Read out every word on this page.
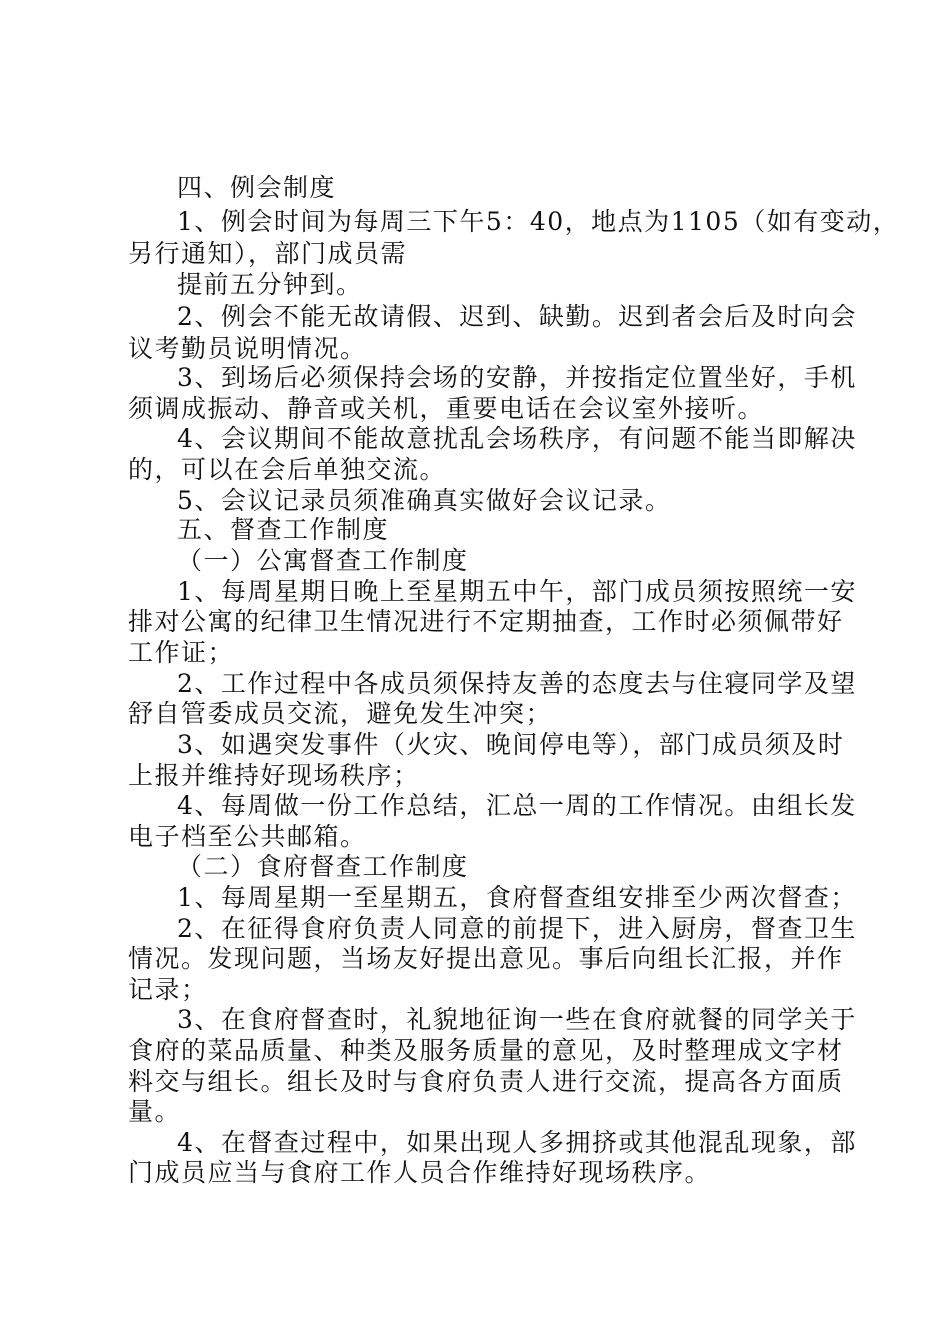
四、例会制度
1、例会时间为每周三下午5：40，地点为1105（如有变动，
另行通知），部门成员需
提前五分钟到。
2、例会不能无故请假、迟到、缺勤。迟到者会后及时向会
议考勤员说明情况。
3、到场后必须保持会场的安静，并按指定位置坐好，手机
须调成振动、静音或关机，重要电话在会议室外接听。
4、会议期间不能故意扰乱会场秩序，有问题不能当即解决
的，可以在会后单独交流。
5、会议记录员须准确真实做好会议记录。
五、督查工作制度
（一）公寓督查工作制度
1、每周星期日晚上至星期五中午，部门成员须按照统一安
排对公寓的纪律卫生情况进行不定期抽查，工作时必须佩带好
工作证；
2、工作过程中各成员须保持友善的态度去与住寝同学及望
舒自管委成员交流，避免发生冲突；
3、如遇突发事件（火灾、晚间停电等），部门成员须及时
上报并维持好现场秩序；
4、每周做一份工作总结，汇总一周的工作情况。由组长发
电子档至公共邮箱。
（二）食府督查工作制度
1、每周星期一至星期五，食府督查组安排至少两次督查；
2、在征得食府负责人同意的前提下，进入厨房，督查卫生
情况。发现问题，当场友好提出意见。事后向组长汇报，并作
记录；
3、在食府督查时，礼貌地征询一些在食府就餐的同学关于
食府的菜品质量、种类及服务质量的意见，及时整理成文字材
料交与组长。组长及时与食府负责人进行交流，提高各方面质
量。
4、在督查过程中，如果出现人多拥挤或其他混乱现象，部
门成员应当与食府工作人员合作维持好现场秩序。
